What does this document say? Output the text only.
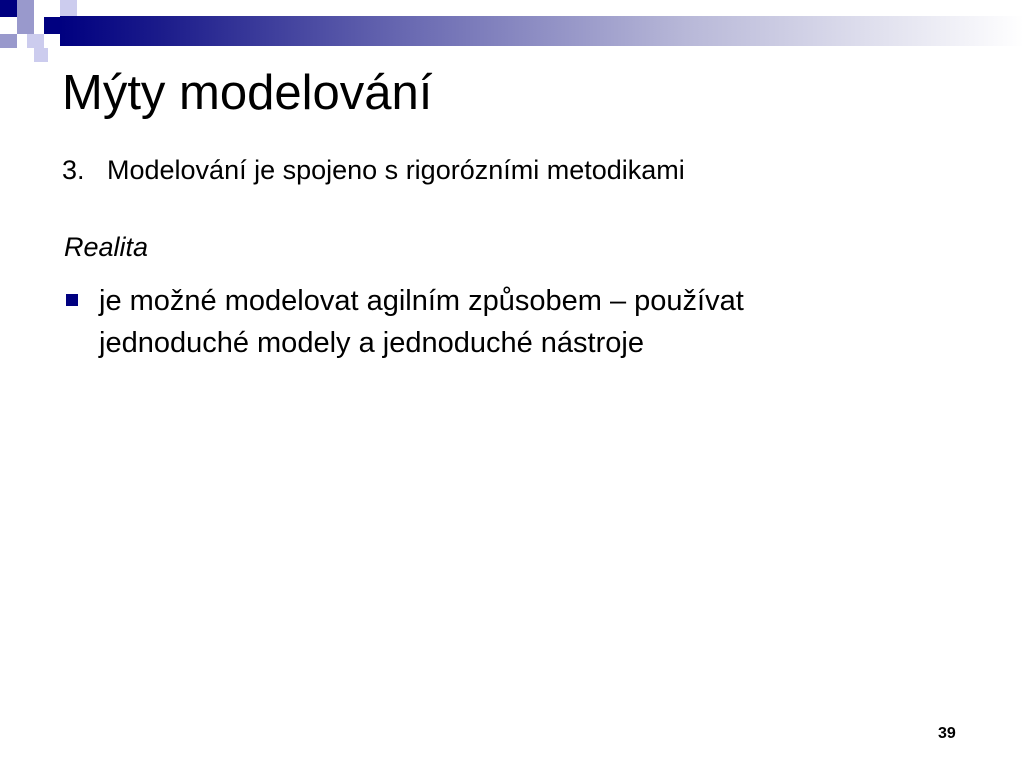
Mýty modelování
3. Modelování je spojeno s rigorózními metodikami
Realita
je možné modelovat agilním způsobem – používat jednoduché modely a jednoduché nástroje
39
